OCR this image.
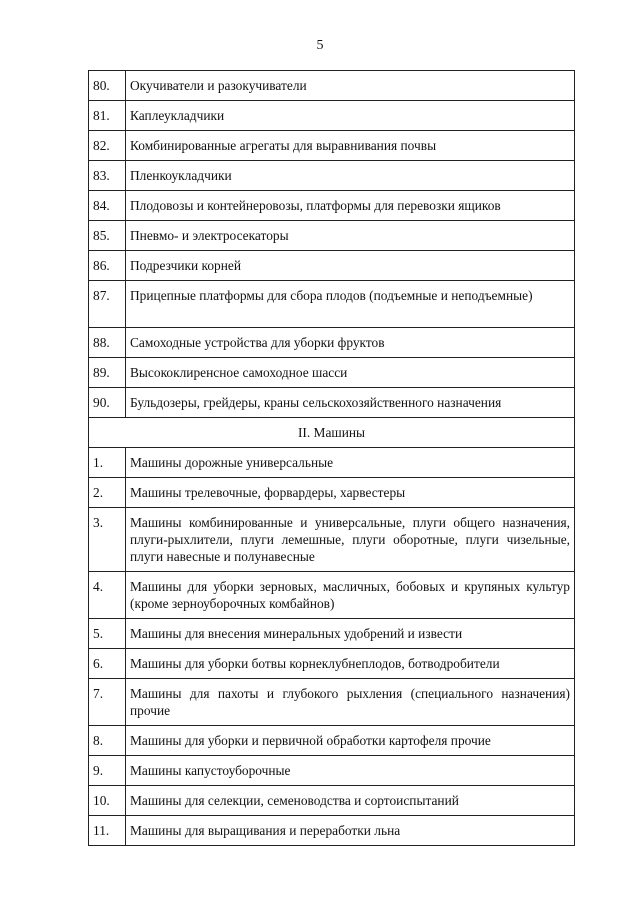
5
80.	Окучиватели и разокучиватели
81.	Каплеукладчики
82.	Комбинированные агрегаты для выравнивания почвы
83.	Пленкоукладчики
84.	Плодовозы и контейнеровозы, платформы для перевозки ящиков
85.	Пневмо- и электросекаторы
86.	Подрезчики корней
87.	Прицепные платформы для сбора плодов (подъемные и неподъемные)
88.	Самоходные устройства для уборки фруктов
89.	Высококлиренсное самоходное шасси
90.	Бульдозеры, грейдеры, краны сельскохозяйственного назначения
II. Машины	
1.	Машины дорожные универсальные
2.	Машины трелевочные, форвардеры, харвестеры
3.	Машины комбинированные и универсальные, плуги общего назначения, плуги-рыхлители, плуги лемешные, плуги оборотные, плуги чизельные, плуги навесные и полунавесные
4.	Машины для уборки зерновых, масличных, бобовых и крупяных культур (кроме зерноуборочных комбайнов)
5.	Машины для внесения минеральных удобрений и извести
6.	Машины для уборки ботвы корнеклубнеплодов, ботводробители
7.	Машины для пахоты и глубокого рыхления (специального назначения) прочие
8.	Машины для уборки и первичной обработки картофеля прочие
9.	Машины капустоуборочные
10.	Машины для селекции, семеноводства и сортоиспытаний
11.	Машины для выращивания и переработки льна
